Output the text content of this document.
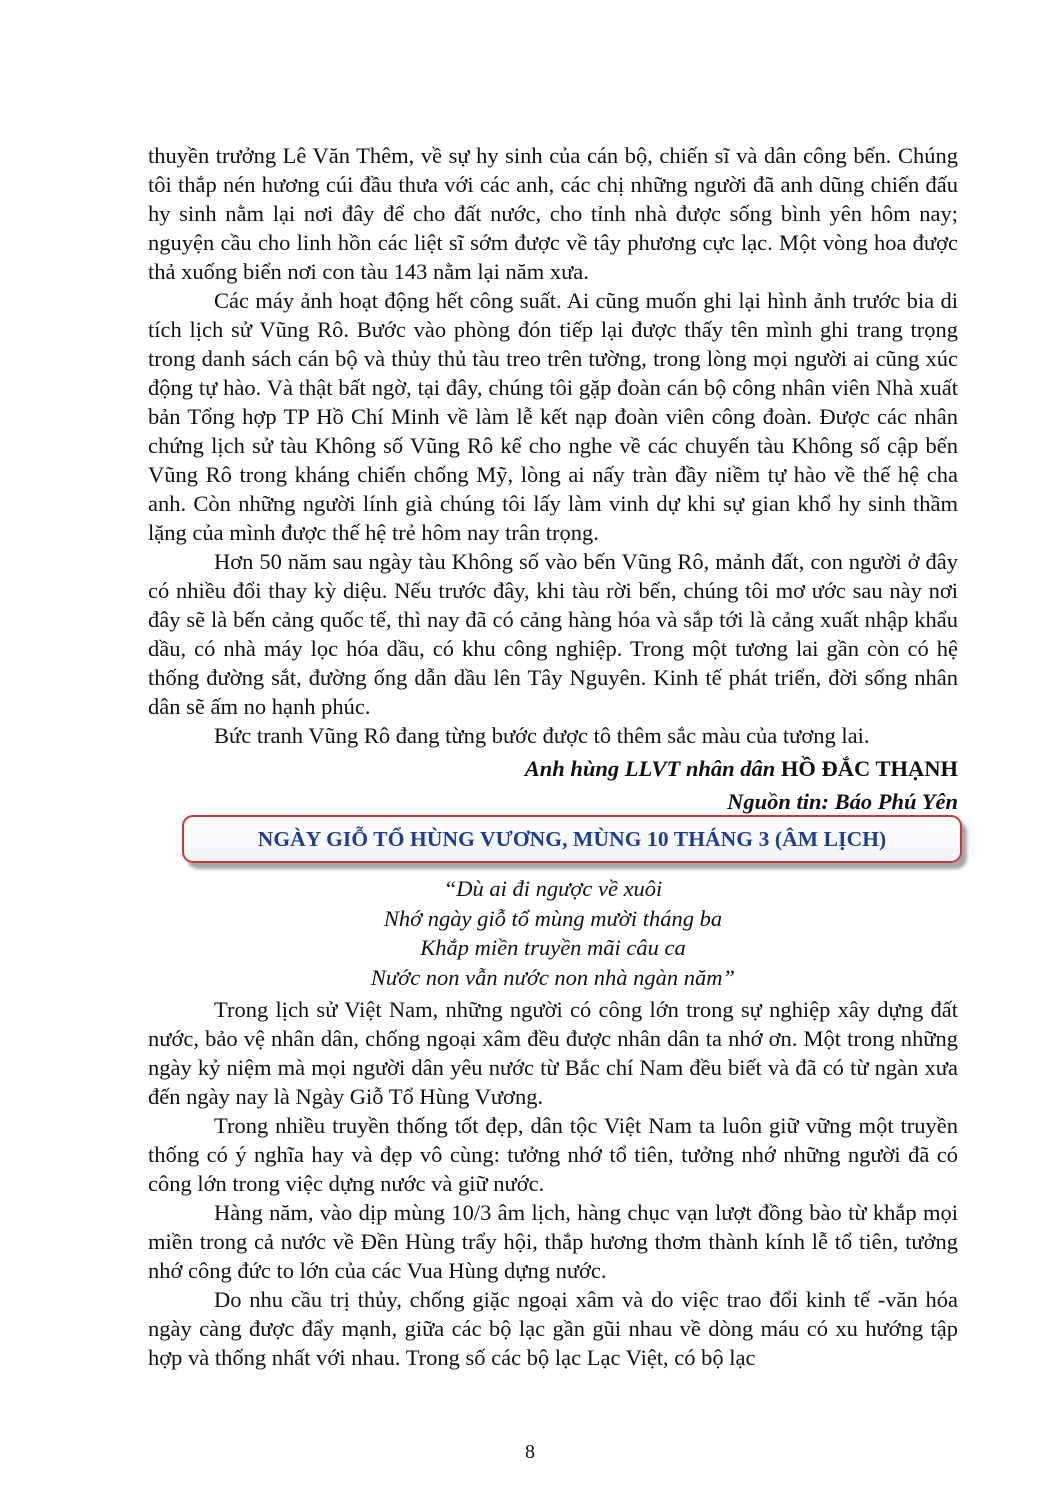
thuyền trưởng Lê Văn Thêm, về sự hy sinh của cán bộ, chiến sĩ và dân công bến. Chúng tôi thắp nén hương cúi đầu thưa với các anh, các chị những người đã anh dũng chiến đấu hy sinh nằm lại nơi đây để cho đất nước, cho tỉnh nhà được sống bình yên hôm nay; nguyện cầu cho linh hồn các liệt sĩ sớm được về tây phương cực lạc. Một vòng hoa được thả xuống biển nơi con tàu 143 nằm lại năm xưa.

Các máy ảnh hoạt động hết công suất. Ai cũng muốn ghi lại hình ảnh trước bia di tích lịch sử Vũng Rô. Bước vào phòng đón tiếp lại được thấy tên mình ghi trang trọng trong danh sách cán bộ và thủy thủ tàu treo trên tường, trong lòng mọi người ai cũng xúc động tự hào. Và thật bất ngờ, tại đây, chúng tôi gặp đoàn cán bộ công nhân viên Nhà xuất bản Tổng hợp TP Hồ Chí Minh về làm lễ kết nạp đoàn viên công đoàn. Được các nhân chứng lịch sử tàu Không số Vũng Rô kể cho nghe về các chuyến tàu Không số cập bến Vũng Rô trong kháng chiến chống Mỹ, lòng ai nấy tràn đầy niềm tự hào về thế hệ cha anh. Còn những người lính già chúng tôi lấy làm vinh dự khi sự gian khổ hy sinh thầm lặng của mình được thế hệ trẻ hôm nay trân trọng.

Hơn 50 năm sau ngày tàu Không số vào bến Vũng Rô, mảnh đất, con người ở đây có nhiều đổi thay kỳ diệu. Nếu trước đây, khi tàu rời bến, chúng tôi mơ ước sau này nơi đây sẽ là bến cảng quốc tế, thì nay đã có cảng hàng hóa và sắp tới là cảng xuất nhập khẩu dầu, có nhà máy lọc hóa dầu, có khu công nghiệp. Trong một tương lai gần còn có hệ thống đường sắt, đường ống dẫn dầu lên Tây Nguyên. Kinh tế phát triển, đời sống nhân dân sẽ ấm no hạnh phúc.

Bức tranh Vũng Rô đang từng bước được tô thêm sắc màu của tương lai.

Anh hùng LLVT nhân dân HỒ ĐẮC THẠNH

Nguồn tin: Báo Phú Yên

NGÀY GIỖ TỔ HÙNG VƯƠNG, MÙNG 10 THÁNG 3 (ÂM LỊCH)
“Dù ai đi ngược về xuôi
Nhớ ngày giỗ tổ mùng mười tháng ba
Khắp miền truyền mãi câu ca
Nước non vẫn nước non nhà ngàn năm”

Trong lịch sử Việt Nam, những người có công lớn trong sự nghiệp xây dựng đất nước, bảo vệ nhân dân, chống ngoại xâm đều được nhân dân ta nhớ ơn. Một trong những ngày kỷ niệm mà mọi người dân yêu nước từ Bắc chí Nam đều biết và đã có từ ngàn xưa đến ngày nay là Ngày Giỗ Tổ Hùng Vương.

Trong nhiều truyền thống tốt đẹp, dân tộc Việt Nam ta luôn giữ vững một truyền thống có ý nghĩa hay và đẹp vô cùng: tưởng nhớ tổ tiên, tưởng nhớ những người đã có công lớn trong việc dựng nước và giữ nước.

Hàng năm, vào dịp mùng 10/3 âm lịch, hàng chục vạn lượt đồng bào từ khắp mọi miền trong cả nước về Đền Hùng trẩy hội, thắp hương thơm thành kính lễ tổ tiên, tưởng nhớ công đức to lớn của các Vua Hùng dựng nước.

Do nhu cầu trị thủy, chống giặc ngoại xâm và do việc trao đổi kinh tế -văn hóa ngày càng được đẩy mạnh, giữa các bộ lạc gần gũi nhau về dòng máu có xu hướng tập hợp và thống nhất với nhau. Trong số các bộ lạc Lạc Việt, có bộ lạc

8
